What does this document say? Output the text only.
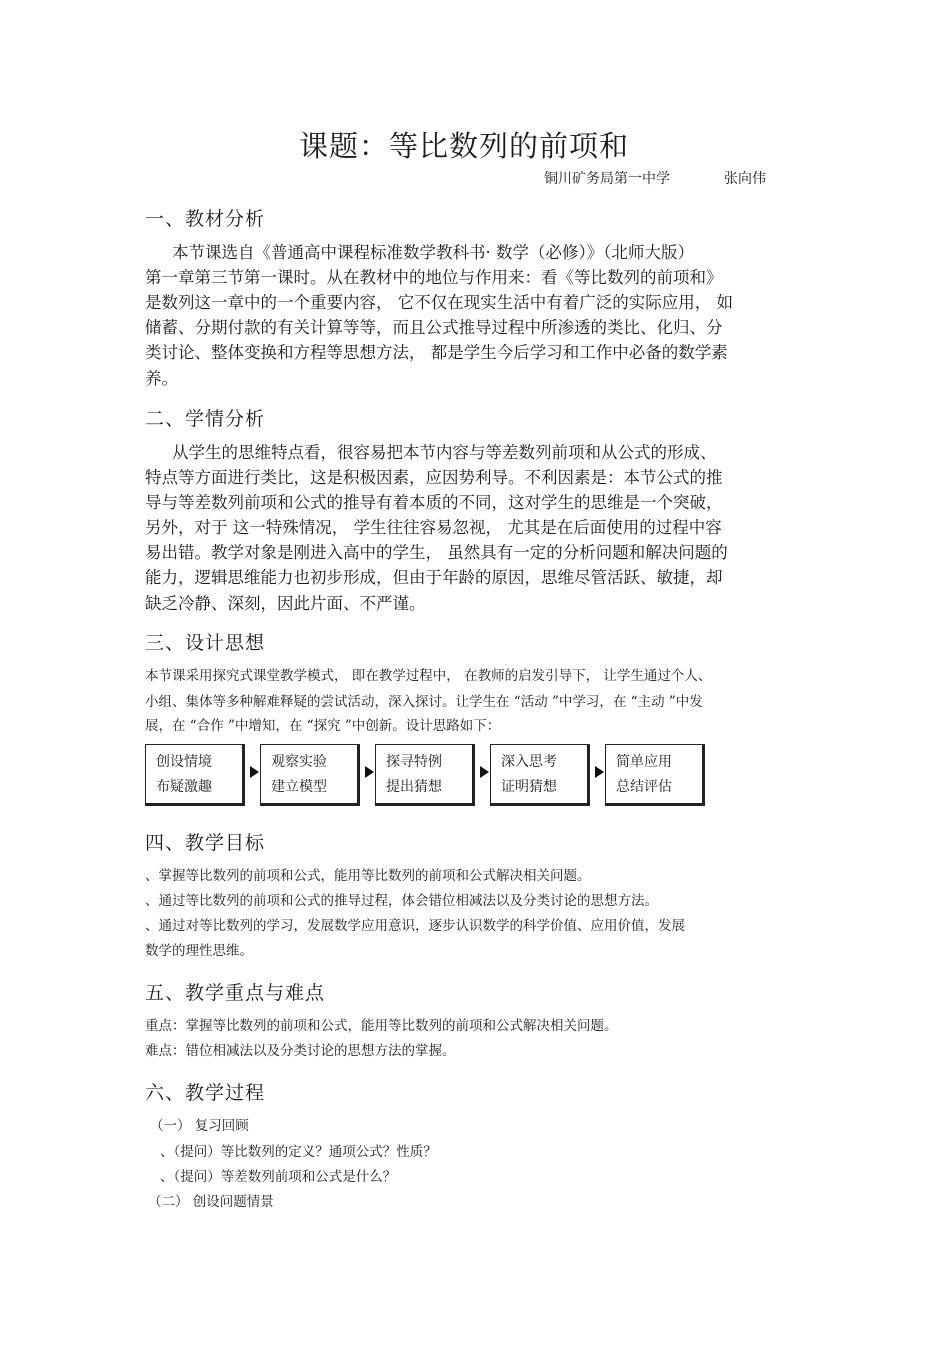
课题：等比数列的前项和
铜川矿务局第一中学	张向伟
一、教材分析
本节课选自《普通高中课程标准数学教科书· 数学（必修）》（北师大版）
第一章第三节第一课时。从在教材中的地位与作用来：看《等比数列的前项和》
是数列这一章中的一个重要内容， 它不仅在现实生活中有着广泛的实际应用， 如
储蓄、分期付款的有关计算等等，而且公式推导过程中所渗透的类比、化归、分
类讨论、整体变换和方程等思想方法， 都是学生今后学习和工作中必备的数学素
养。
二、学情分析
从学生的思维特点看，很容易把本节内容与等差数列前项和从公式的形成、
特点等方面进行类比，这是积极因素，应因势利导。不利因素是：本节公式的推
导与等差数列前项和公式的推导有着本质的不同，这对学生的思维是一个突破，
另外，对于 这一特殊情况， 学生往往容易忽视， 尤其是在后面使用的过程中容
易出错。教学对象是刚进入高中的学生， 虽然具有一定的分析问题和解决问题的
能力，逻辑思维能力也初步形成，但由于年龄的原因，思维尽管活跃、敏捷，却
缺乏冷静、深刻，因此片面、不严谨。
三、设计思想
本节课采用探究式课堂教学模式， 即在教学过程中， 在教师的启发引导下， 让学生通过个人、
小组、集体等多种解难释疑的尝试活动，深入探讨。让学生在 “活动 ”中学习，在 “主动 ”中发
展，在 “合作 ”中增知，在 “探究 ”中创新。设计思路如下：
创设情境
布疑激趣
观察实验
建立模型
探寻特例
提出猜想
深入思考
证明猜想
简单应用
总结评估
四、教学目标
、掌握等比数列的前项和公式，能用等比数列的前项和公式解决相关问题。
、通过等比数列的前项和公式的推导过程，体会错位相减法以及分类讨论的思想方法。
、通过对等比数列的学习，发展数学应用意识，逐步认识数学的科学价值、应用价值，发展
数学的理性思维。
五、教学重点与难点
重点：掌握等比数列的前项和公式，能用等比数列的前项和公式解决相关问题。
难点：错位相减法以及分类讨论的思想方法的掌握。
六、教学过程
（一） 复习回顾
、（提问）等比数列的定义？通项公式？性质？
、（提问）等差数列前项和公式是什么？
（二） 创设问题情景
